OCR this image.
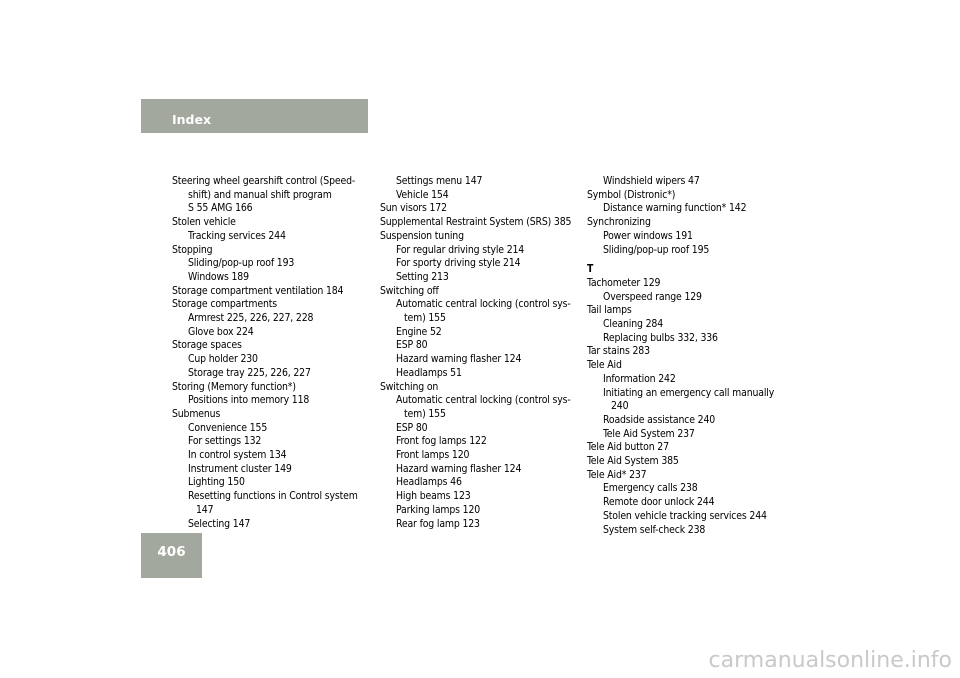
Index
Steering wheel gearshift control (Speed-
shift) and manual shift program
S 55 AMG 166
Stolen vehicle
Tracking services 244
Stopping
Sliding/pop-up roof 193
Windows 189
Storage compartment ventilation 184
Storage compartments
Armrest 225, 226, 227, 228
Glove box 224
Storage spaces
Cup holder 230
Storage tray 225, 226, 227
Storing (Memory function*)
Positions into memory 118
Submenus
Convenience 155
For settings 132
In control system 134
Instrument cluster 149
Lighting 150
Resetting functions in Control system
147
Selecting 147
Settings menu 147
Vehicle 154
Sun visors 172
Supplemental Restraint System (SRS) 385
Suspension tuning
For regular driving style 214
For sporty driving style 214
Setting 213
Switching off
Automatic central locking (control sys-
tem) 155
Engine 52
ESP 80
Hazard warning flasher 124
Headlamps 51
Switching on
Automatic central locking (control sys-
tem) 155
ESP 80
Front fog lamps 122
Front lamps 120
Hazard warning flasher 124
Headlamps 46
High beams 123
Parking lamps 120
Rear fog lamp 123
Windshield wipers 47
Symbol (Distronic*)
Distance warning function* 142
Synchronizing
Power windows 191
Sliding/pop-up roof 195
T
Tachometer 129
Overspeed range 129
Tail lamps
Cleaning 284
Replacing bulbs 332, 336
Tar stains 283
Tele Aid
Information 242
Initiating an emergency call manually
240
Roadside assistance 240
Tele Aid System 237
Tele Aid button 27
Tele Aid System 385
Tele Aid* 237
Emergency calls 238
Remote door unlock 244
Stolen vehicle tracking services 244
System self-check 238
406
carmanualsonline.info
